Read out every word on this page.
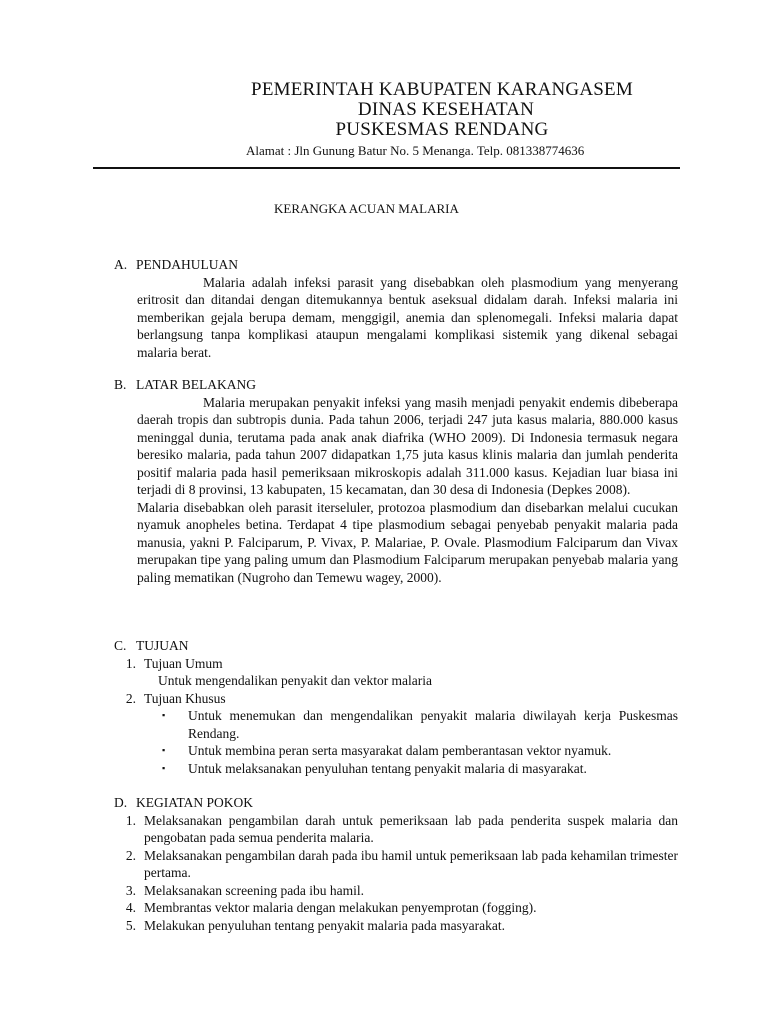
PEMERINTAH KABUPATEN KARANGASEM

DINAS KESEHATAN

PUSKESMAS RENDANG

Alamat : Jln Gunung Batur No. 5 Menanga. Telp. 081338774636
KERANGKA ACUAN MALARIA
A. PENDAHULUAN

Malaria adalah infeksi parasit yang disebabkan oleh plasmodium yang menyerang eritrosit dan ditandai dengan ditemukannya bentuk aseksual didalam darah. Infeksi malaria ini memberikan gejala berupa demam, menggigil, anemia dan splenomegali. Infeksi malaria dapat berlangsung tanpa komplikasi ataupun mengalami komplikasi sistemik yang dikenal sebagai malaria berat.

B. LATAR BELAKANG

Malaria merupakan penyakit infeksi yang masih menjadi penyakit endemis dibeberapa daerah tropis dan subtropis dunia. Pada tahun 2006, terjadi 247 juta kasus malaria, 880.000 kasus meninggal dunia, terutama pada anak anak diafrika (WHO 2009). Di Indonesia termasuk negara beresiko malaria, pada tahun 2007 didapatkan 1,75 juta kasus klinis malaria dan jumlah penderita positif malaria pada hasil pemeriksaan mikroskopis adalah 311.000 kasus. Kejadian luar biasa ini terjadi di 8 provinsi, 13 kabupaten, 15 kecamatan, dan 30 desa di Indonesia (Depkes 2008).

Malaria disebabkan oleh parasit iterseluler, protozoa plasmodium dan disebarkan melalui cucukan nyamuk anopheles betina. Terdapat 4 tipe plasmodium sebagai penyebab penyakit malaria pada manusia, yakni P. Falciparum, P. Vivax, P. Malariae, P. Ovale. Plasmodium Falciparum dan Vivax merupakan tipe yang paling umum dan Plasmodium Falciparum merupakan penyebab malaria yang paling mematikan (Nugroho dan Temewu wagey, 2000).

C. TUJUAN
1. Tujuan Umum
Untuk mengendalikan penyakit dan vektor malaria
2. Tujuan Khusus
▪	Untuk menemukan dan mengendalikan penyakit malaria diwilayah kerja Puskesmas Rendang.
▪	Untuk membina peran serta masyarakat dalam pemberantasan vektor nyamuk.
▪	Untuk melaksanakan penyuluhan tentang penyakit malaria di masyarakat.
D. KEGIATAN POKOK
1. Melaksanakan pengambilan darah untuk pemeriksaan lab pada penderita suspek malaria dan pengobatan pada semua penderita malaria.
2. Melaksanakan pengambilan darah pada ibu hamil untuk pemeriksaan lab pada kehamilan trimester pertama.
3. Melaksanakan screening pada ibu hamil.
4. Membrantas vektor malaria dengan melakukan penyemprotan (fogging).
5. Melakukan penyuluhan tentang penyakit malaria pada masyarakat.
